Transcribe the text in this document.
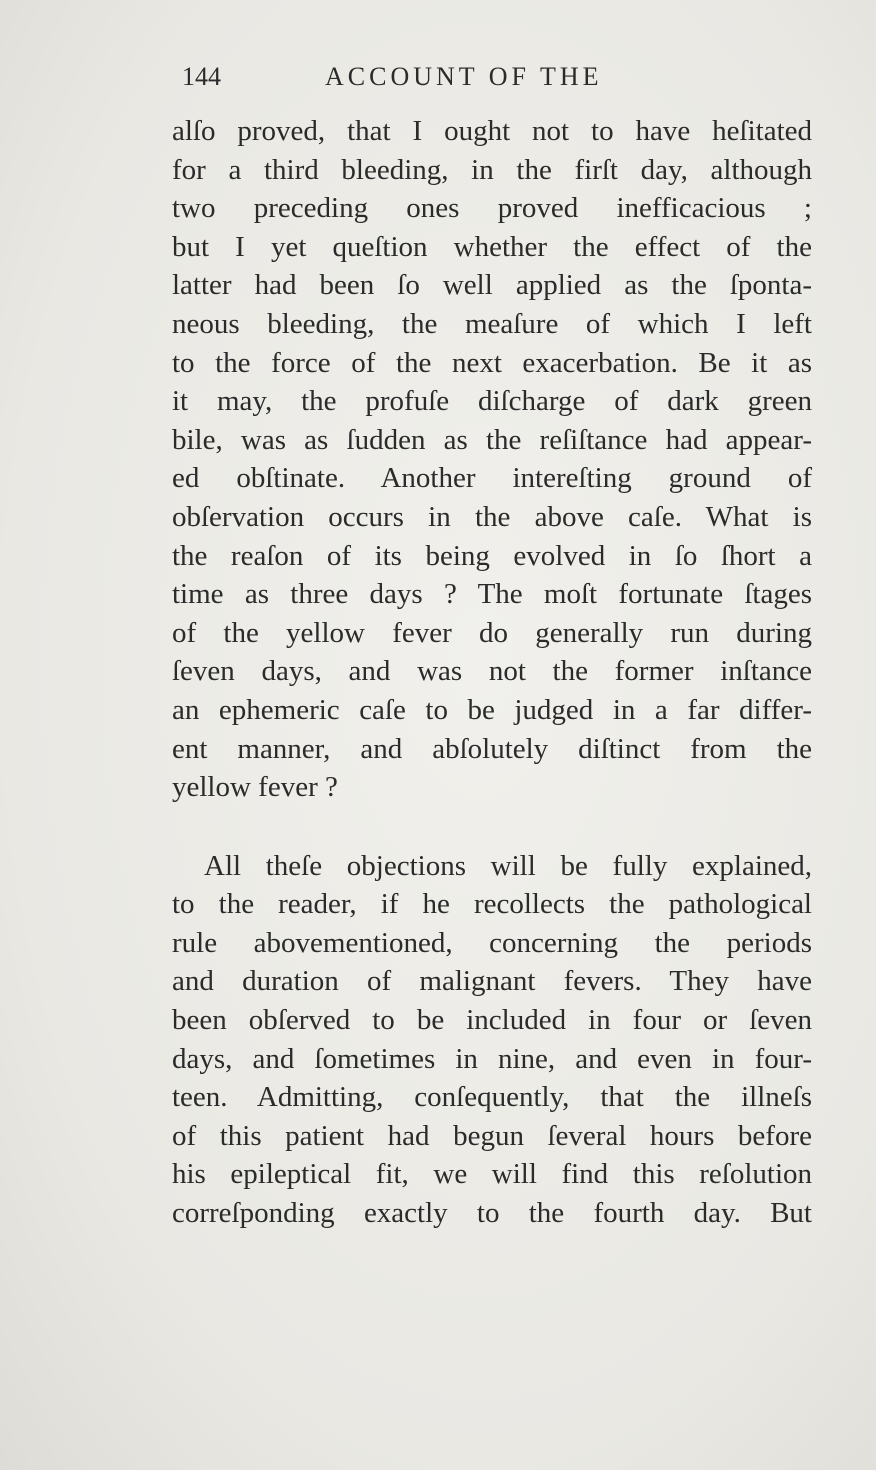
144	ACCOUNT OF THE
alſo proved, that I ought not to have heſitated
for a third bleeding, in the firſt day, although
two preceding ones proved inefficacious ;
but I yet queſtion whether the effect of the
latter had been ſo well applied as the ſponta-
neous bleeding, the meaſure of which I left
to the force of the next exacerbation. Be it as
it may, the profuſe diſcharge of dark green
bile, was as ſudden as the reſiſtance had appear-
ed obſtinate. Another intereſting ground of
obſervation occurs in the above caſe. What is
the reaſon of its being evolved in ſo ſhort a
time as three days ? The moſt fortunate ſtages
of the yellow fever do generally run during
ſeven days, and was not the former inſtance
an ephemeric caſe to be judged in a far differ-
ent manner, and abſolutely diſtinct from the
yellow fever ?
All theſe objections will be fully explained,
to the reader, if he recollects the pathological
rule abovementioned, concerning the periods
and duration of malignant fevers. They have
been obſerved to be included in four or ſeven
days, and ſometimes in nine, and even in four-
teen. Admitting, conſequently, that the illneſs
of this patient had begun ſeveral hours before
his epileptical fit, we will find this reſolution
correſponding exactly to the fourth day. But
